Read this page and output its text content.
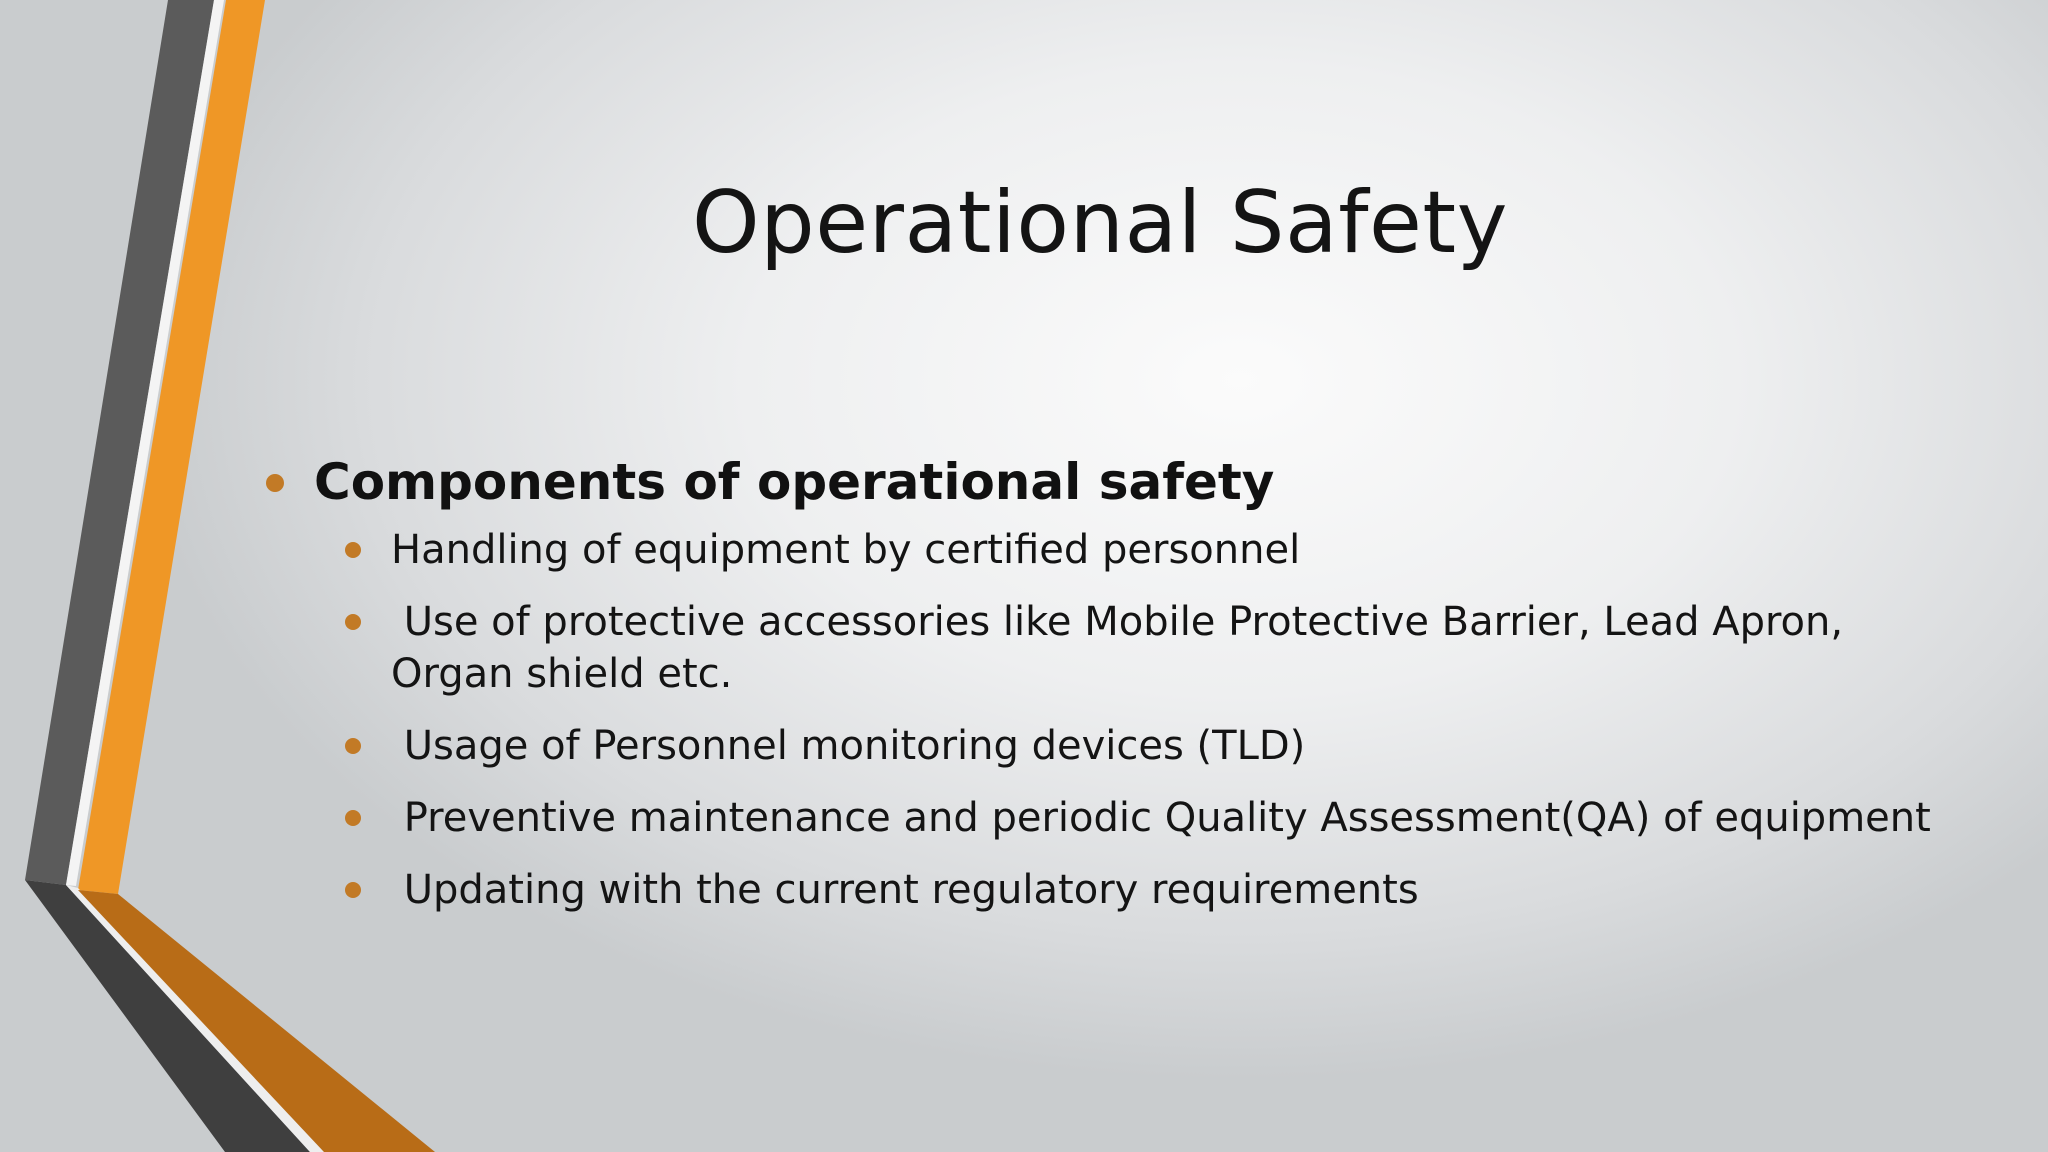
Operational Safety
Components of operational safety
Handling of equipment by certified personnel
Use of protective accessories like Mobile Protective Barrier, Lead Apron, Organ shield etc.
Usage of Personnel monitoring devices (TLD)
Preventive maintenance and periodic Quality Assessment(QA) of equipment
Updating with the current regulatory requirements
